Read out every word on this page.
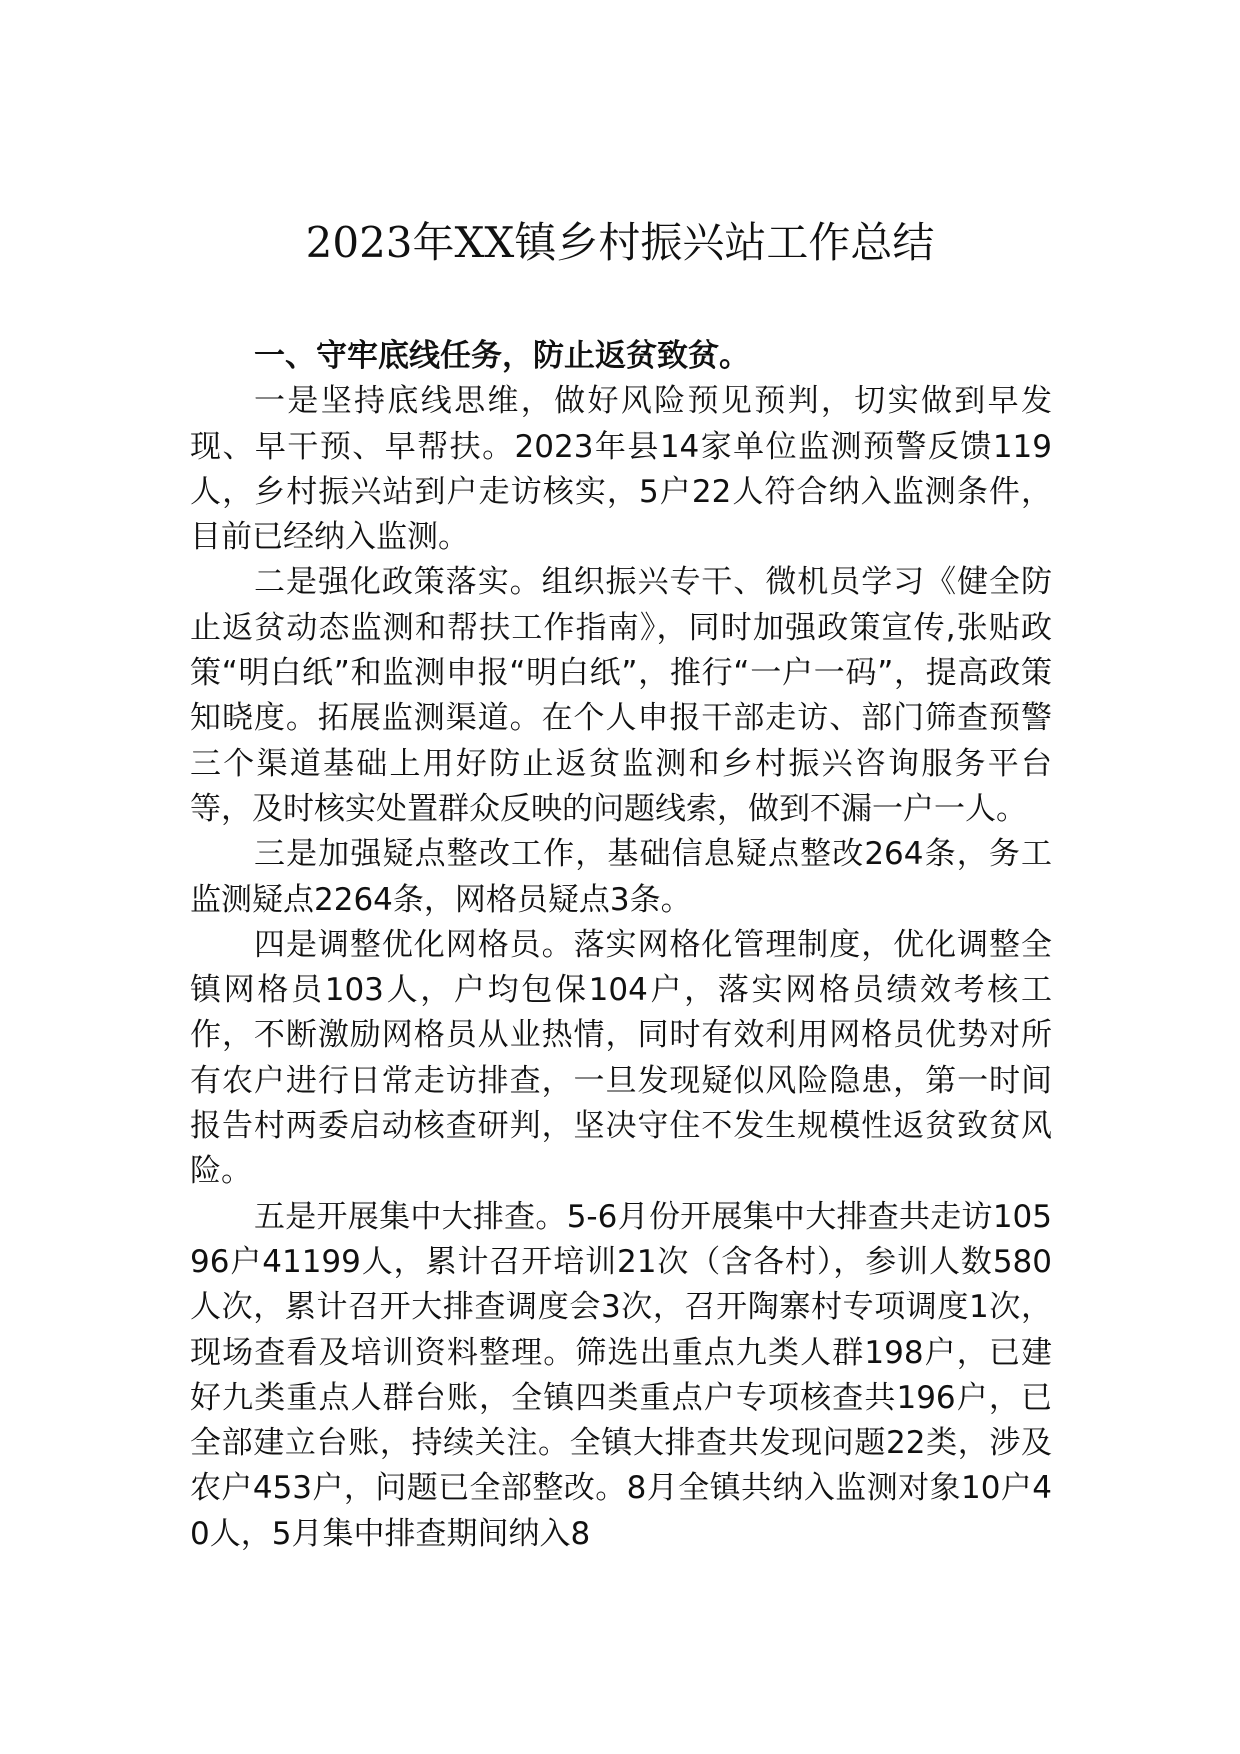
2023年XX镇乡村振兴站工作总结

一、守牢底线任务，防止返贫致贫。

一是坚持底线思维，做好风险预见预判，切实做到早发现、早干预、早帮扶。2023年县14家单位监测预警反馈119人，乡村振兴站到户走访核实，5户22人符合纳入监测条件，目前已经纳入监测。

二是强化政策落实。组织振兴专干、微机员学习《健全防止返贫动态监测和帮扶工作指南》，同时加强政策宣传,张贴政策“明白纸”和监测申报“明白纸”，推行“一户一码”，提高政策知晓度。拓展监测渠道。在个人申报干部走访、部门筛查预警三个渠道基础上用好防止返贫监测和乡村振兴咨询服务平台等，及时核实处置群众反映的问题线索，做到不漏一户一人。

三是加强疑点整改工作，基础信息疑点整改264条，务工监测疑点2264条，网格员疑点3条。

四是调整优化网格员。落实网格化管理制度，优化调整全镇网格员103人，户均包保104户，落实网格员绩效考核工作，不断激励网格员从业热情，同时有效利用网格员优势对所有农户进行日常走访排查，一旦发现疑似风险隐患，第一时间报告村两委启动核查研判，坚决守住不发生规模性返贫致贫风险。

五是开展集中大排查。5-6月份开展集中大排查共走访10596户41199人，累计召开培训21次（含各村），参训人数580人次，累计召开大排查调度会3次，召开陶寨村专项调度1次，现场查看及培训资料整理。筛选出重点九类人群198户，已建好九类重点人群台账，全镇四类重点户专项核查共196户，已全部建立台账，持续关注。全镇大排查共发现问题22类，涉及农户453户，问题已全部整改。8月全镇共纳入监测对象10户40人，5月集中排查期间纳入8
